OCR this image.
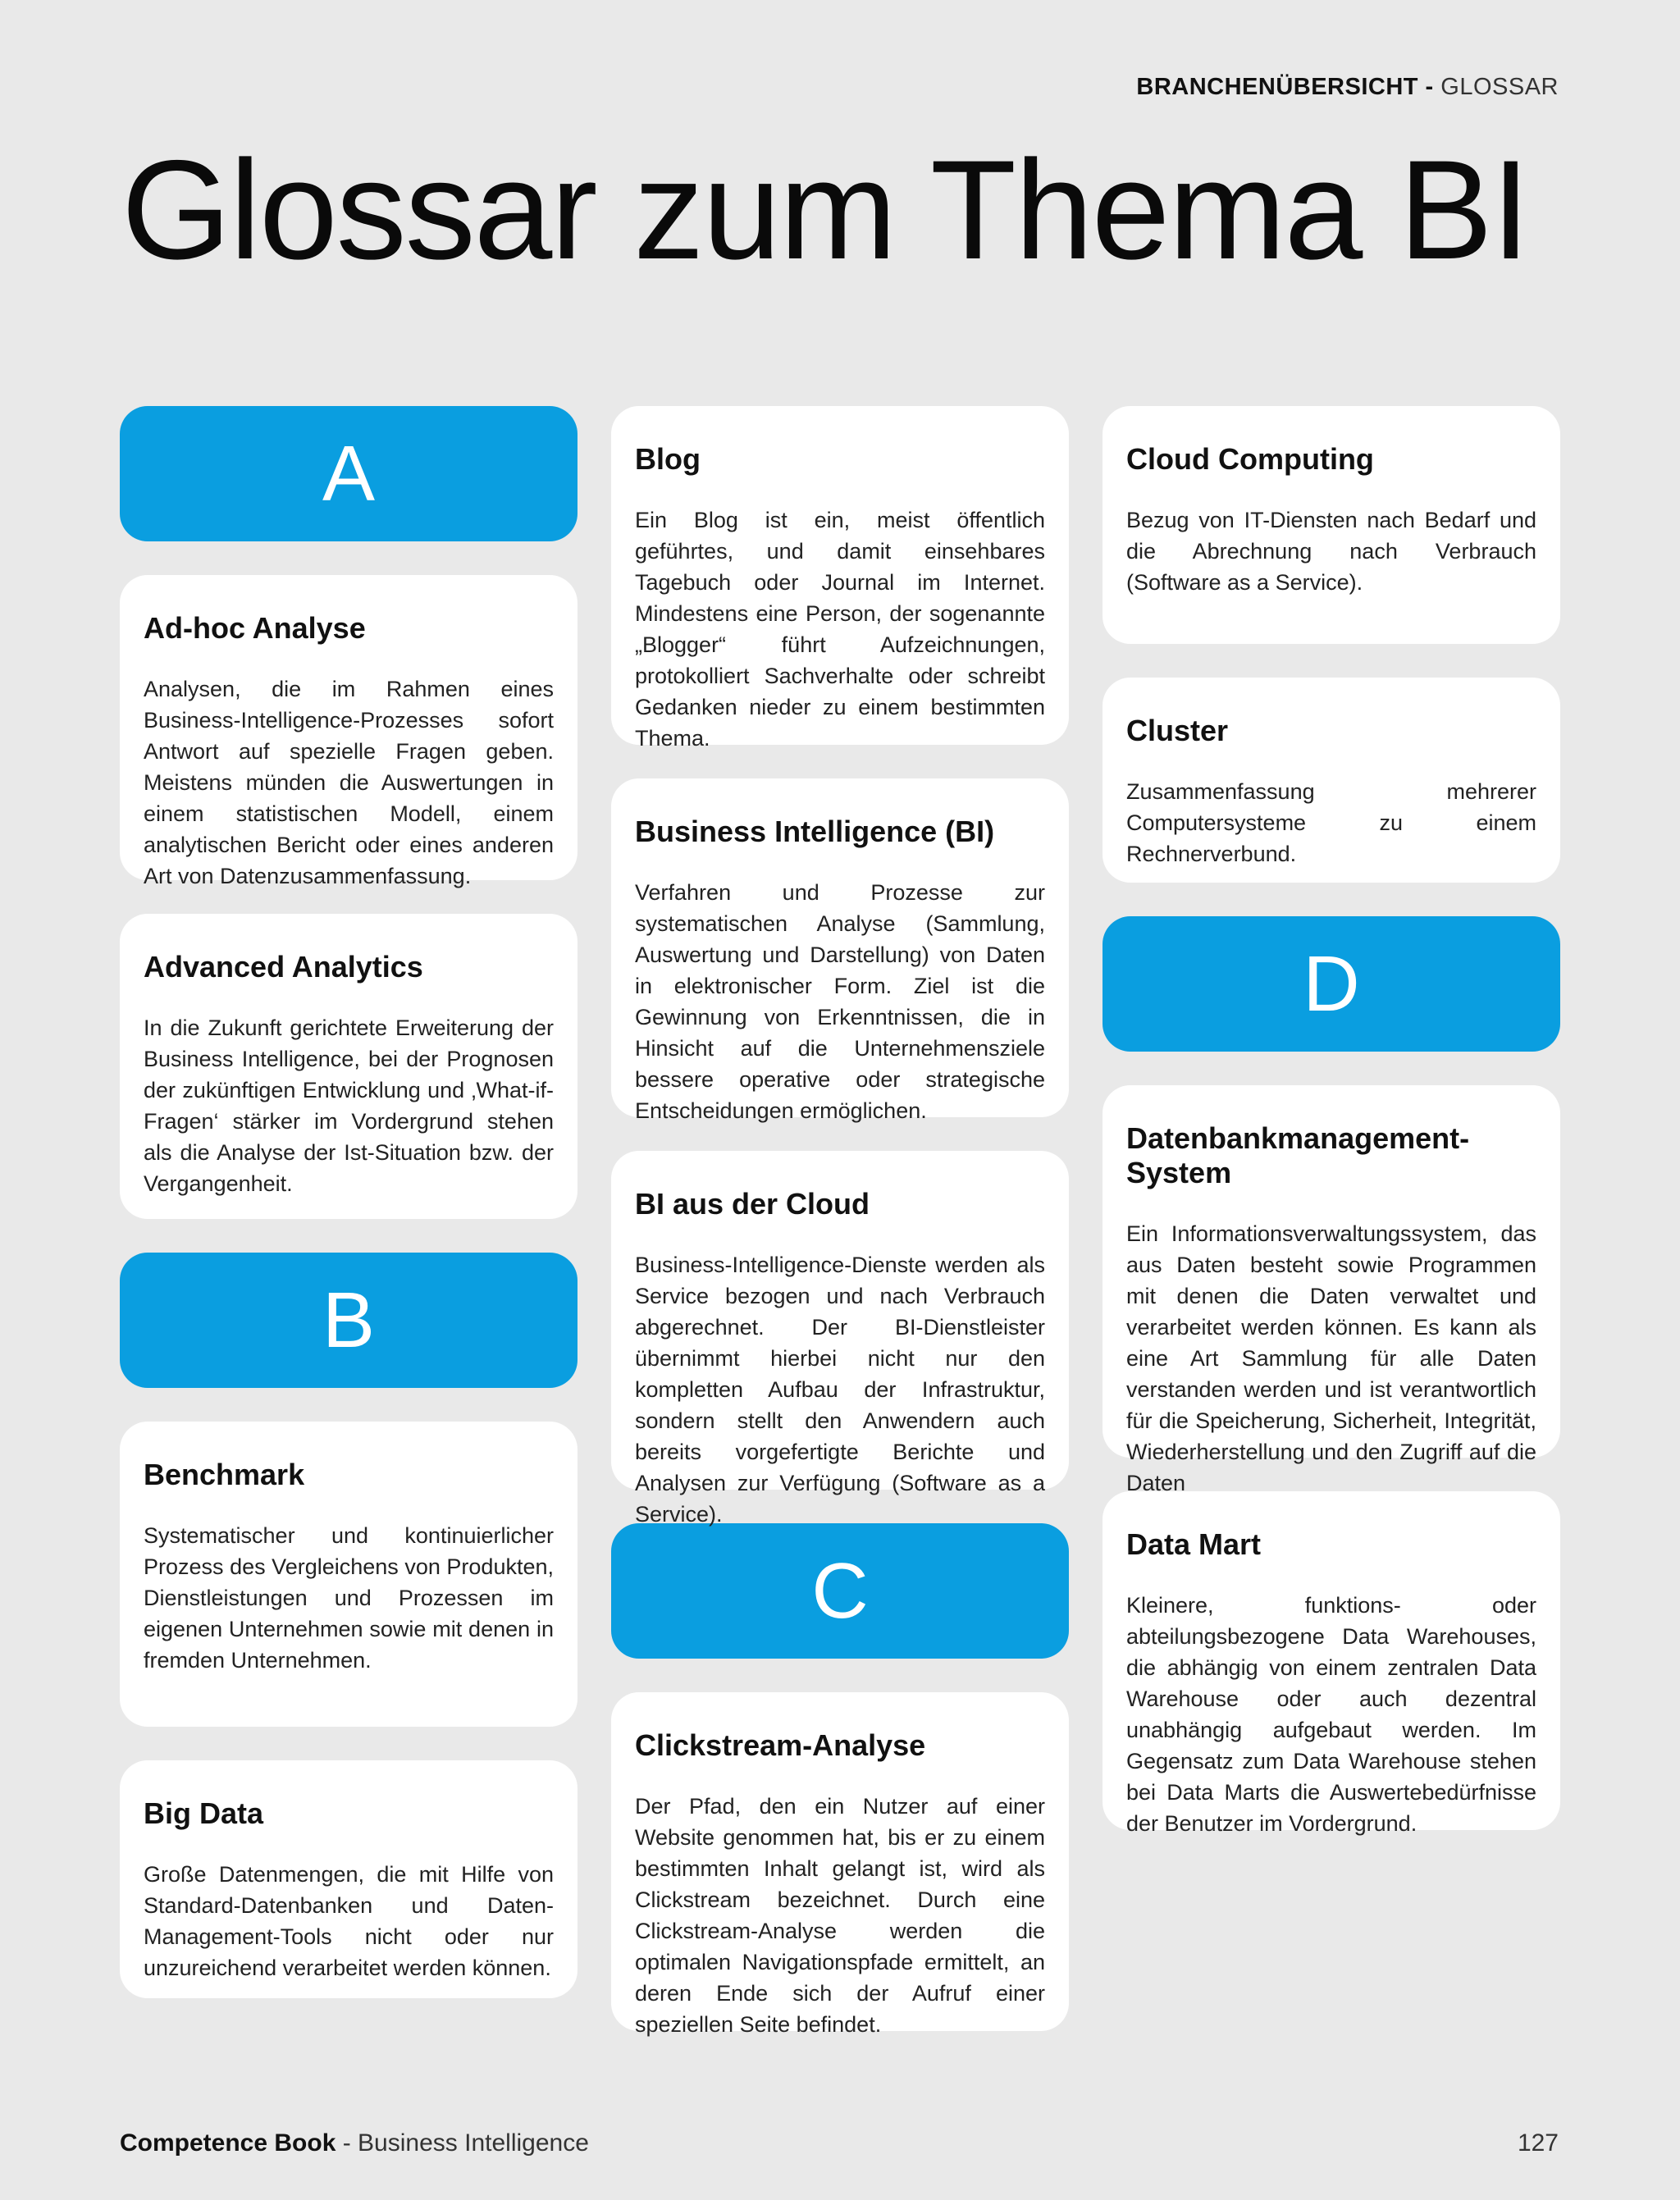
BRANCHENÜBERSICHT - GLOSSAR
Glossar zum Thema BI
A

Ad-hoc Analyse

Analysen, die im Rahmen eines Business-Intelligence-Prozesses sofort Antwort auf spezielle Fragen geben. Meistens münden die Auswertungen in einem statistischen Modell, einem analytischen Bericht oder eines anderen Art von Datenzusammenfassung.

Advanced Analytics

In die Zukunft gerichtete Erweiterung der Business Intelligence, bei der Prognosen der zukünftigen Entwicklung und ‚What-if-Fragen‘ stärker im Vordergrund stehen als die Analyse der Ist-Situation bzw. der Vergangenheit.

B

Benchmark

Systematischer und kontinuierlicher Prozess des Vergleichens von Produkten, Dienstleistungen und Prozessen im eigenen Unternehmen sowie mit denen in fremden Unternehmen.

Big Data

Große Datenmengen, die mit Hilfe von Standard-Datenbanken und Daten-Management-Tools nicht oder nur unzureichend verarbeitet werden können.

Blog

Ein Blog ist ein, meist öffentlich geführtes, und damit einsehbares Tagebuch oder Journal im Internet. Mindestens eine Person, der sogenannte „Blogger“ führt Aufzeichnungen, protokolliert Sachverhalte oder schreibt Gedanken nieder zu einem bestimmten Thema.

Business Intelligence (BI)

Verfahren und Prozesse zur systematischen Analyse (Sammlung, Auswertung und Darstellung) von Daten in elektronischer Form. Ziel ist die Gewinnung von Erkenntnissen, die in Hinsicht auf die Unternehmensziele bessere operative oder strategische Entscheidungen ermöglichen.

BI aus der Cloud

Business-Intelligence-Dienste werden als Service bezogen und nach Verbrauch abgerechnet. Der BI-Dienstleister übernimmt hierbei nicht nur den kompletten Aufbau der Infrastruktur, sondern stellt den Anwendern auch bereits vorgefertigte Berichte und Analysen zur Verfügung (Software as a Service).

C

Clickstream-Analyse

Der Pfad, den ein Nutzer auf einer Website genommen hat, bis er zu einem bestimmten Inhalt gelangt ist, wird als Clickstream bezeichnet. Durch eine Clickstream-Analyse werden die optimalen Navigationspfade ermittelt, an deren Ende sich der Aufruf einer speziellen Seite befindet.

Cloud Computing

Bezug von IT-Diensten nach Bedarf und die Abrechnung nach Verbrauch (Software as a Service).

Cluster

Zusammenfassung mehrerer Computersysteme zu einem Rechnerverbund.

D

Datenbankmanagement-System

Ein Informationsverwaltungssystem, das aus Daten besteht sowie Programmen mit denen die Daten verwaltet und verarbeitet werden können. Es kann als eine Art Sammlung für alle Daten verstanden werden und ist verantwortlich für die Speicherung, Sicherheit, Integrität, Wiederherstellung und den Zugriff auf die Daten

Data Mart

Kleinere, funktions- oder abteilungsbezogene Data Warehouses, die abhängig von einem zentralen Data Warehouse oder auch dezentral unabhängig aufgebaut werden. Im Gegensatz zum Data Warehouse stehen bei Data Marts die Auswertebedürfnisse der Benutzer im Vordergrund.

Competence Book - Business Intelligence	127
